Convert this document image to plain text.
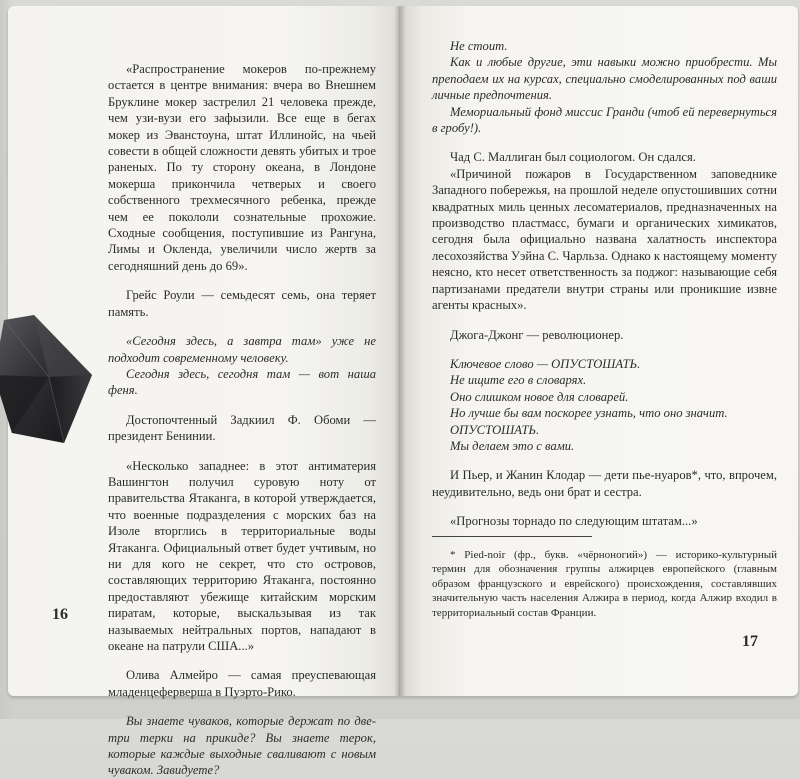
«Распространение мокеров по-прежнему остается в центре внимания: вчера во Внешнем Бруклине мокер застрелил 21 человека прежде, чем узи-вузи его зафызили. Все еще в бегах мокер из Эванстоуна, штат Иллинойс, на чьей совести в общей сложности девять убитых и трое раненых. По ту сторону океана, в Лондоне мокерша прикончила четверых и своего собственного трехмесячного ребенка, прежде чем ее покололи сознательные прохожие. Сходные сообщения, поступившие из Рангуна, Лимы и Окленда, увеличили число жертв за сегодняшний день до 69».

Грейс Роули — семьдесят семь, она теряет память.

«Сегодня здесь, а завтра там» уже не подходит современному человеку.

Сегодня здесь, сегодня там — вот наша феня.

Достопочтенный Задкиил Ф. Обоми — президент Бенинии.

«Несколько западнее: в этот антиматерия Вашингтон получил суровую ноту от правительства Ятаканга, в которой утверждается, что военные подразделения с морских баз на Изоле вторглись в территориальные воды Ятаканга. Официальный ответ будет учтивым, но ни для кого не секрет, что сто островов, составляющих территорию Ятаканга, постоянно предоставляют убежище китайским морским пиратам, которые, выскальзывая из так называемых нейтральных портов, нападают в океане на патрули США...»

Олива Алмейро — самая преуспевающая младенцеферверша в Пуэрто-Рико.

Вы знаете чуваков, которые держат по две-три терки на прикиде? Вы знаете терок, которые каждые выходные сваливают с новым чуваком. Завидуете?

16

Не стоит.

Как и любые другие, эти навыки можно приобрести. Мы преподаем их на курсах, специально смоделированных под ваши личные предпочтения.

Мемориальный фонд миссис Гранди (чтоб ей перевернуться в гробу!).

Чад С. Маллиган был социологом. Он сдался.

«Причиной пожаров в Государственном заповеднике Западного побережья, на прошлой неделе опустошивших сотни квадратных миль ценных лесоматериалов, предназначенных на производство пластмасс, бумаги и органических химикатов, сегодня была официально названа халатность инспектора лесохозяйства Уэйна С. Чарльза. Однако к настоящему моменту неясно, кто несет ответственность за поджог: называющие себя партизанами предатели внутри страны или проникшие извне агенты красных».

Джога-Джонг — революционер.

Ключевое слово — ОПУСТОШАТЬ.

Не ищите его в словарях.

Оно слишком новое для словарей.

Но лучше бы вам поскорее узнать, что оно значит.

ОПУСТОШАТЬ.

Мы делаем это с вами.

И Пьер, и Жанин Клодар — дети пье-нуаров*, что, впрочем, неудивительно, ведь они брат и сестра.

«Прогнозы торнадо по следующим штатам...»

* Pied-noir (фр., букв. «чёрноногий») — историко-культурный термин для обозначения группы алжирцев европейского (главным образом французского и еврейского) происхождения, составлявших значительную часть населения Алжира в период, когда Алжир входил в территориальный состав Франции.

17
